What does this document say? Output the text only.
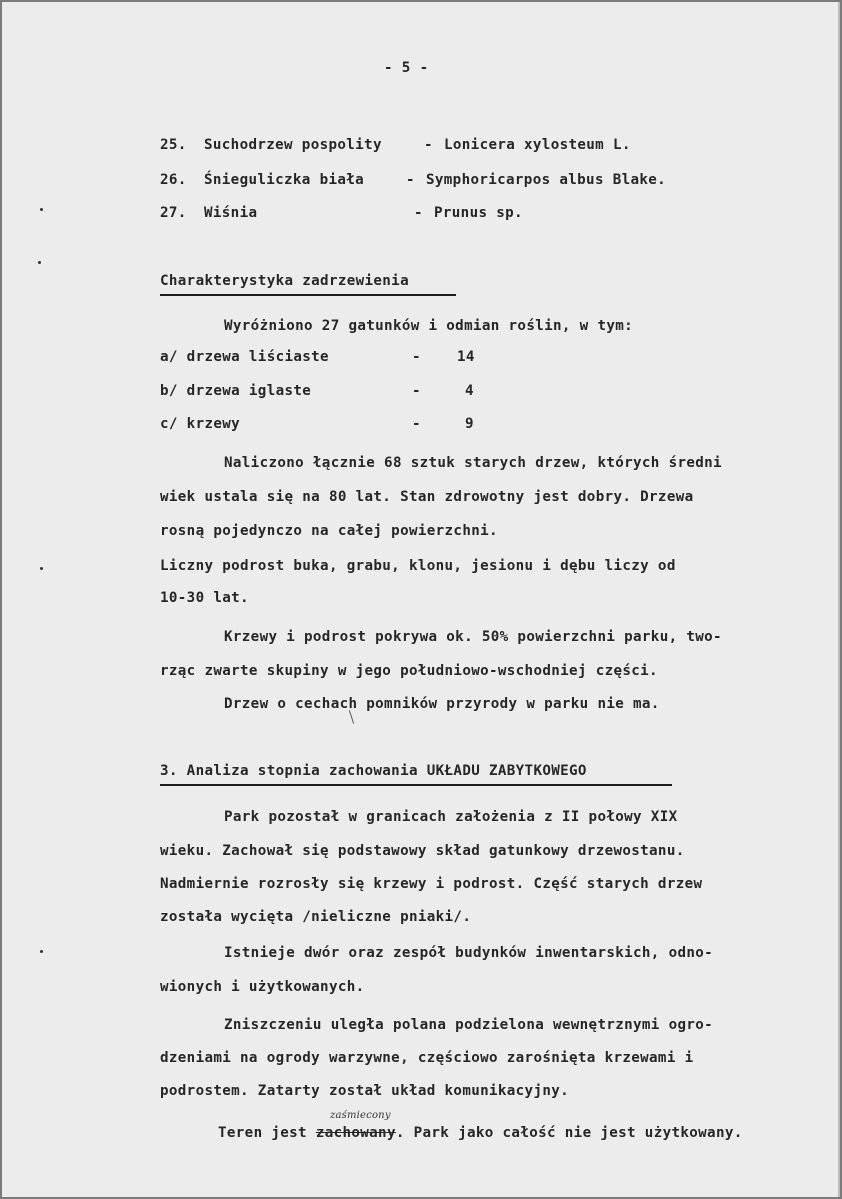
- 5 -
25. Suchodrzew pospolity	- Lonicera xylosteum L.
26. Śnieguliczka biała	- Symphoricarpos albus Blake.
27. Wiśnia	- Prunus sp.
Charakterystyka zadrzewienia
Wyróżniono 27 gatunków i odmian roślin, w tym:
a/ drzewa liściaste	-	14
b/ drzewa iglaste	-	4
c/ krzewy	-	9
Naliczono łącznie 68 sztuk starych drzew, których średni
wiek ustala się na 80 lat. Stan zdrowotny jest dobry. Drzewa
rosną pojedynczo na całej powierzchni.
Liczny podrost buka, grabu, klonu, jesionu i dębu liczy od
10-30 lat.
Krzewy i podrost pokrywa ok. 50% powierzchni parku, two-
rząc zwarte skupiny w jego południowo-wschodniej części.
Drzew o cechach pomników przyrody w parku nie ma.
3. Analiza stopnia zachowania UKŁADU ZABYTKOWEGO
Park pozostał w granicach założenia z II połowy XIX
wieku. Zachował się podstawowy skład gatunkowy drzewostanu.
Nadmiernie rozrosły się krzewy i podrost. Część starych drzew
została wycięta /nieliczne pniaki/.
Istnieje dwór oraz zespół budynków inwentarskich, odno-
wionych i użytkowanych.
Zniszczeniu uległa polana podzielona wewnętrznymi ogro-
dzeniami na ogrody warzywne, częściowo zarośnięta krzewami i
podrostem. Zatarty został układ komunikacyjny.
zaśmiecony
Teren jest zachowany. Park jako całość nie jest użytkowany.
